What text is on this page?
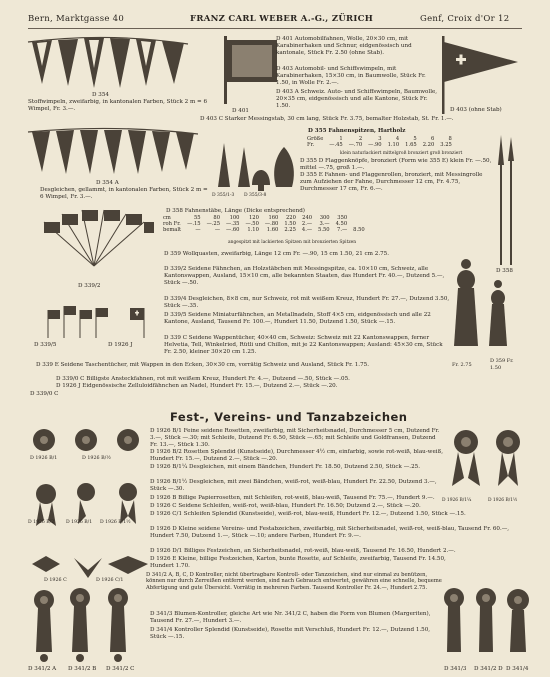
Bern, Marktgasse 40	FRANZ CARL WEBER A.-G., ZÜRICH	Genf, Croix d'Or 12
D 354
Stoffwimpeln, zweifarbig, in kantonalen Farben, Stück 2 m = 6 Wimpel, Fr. 3.—.	D 401
D 401 Automobilfahnen, Wolle, 20×30 cm, mit Karabinerhaken und Schnur, eidgenössisch und kantonale, Stück Fr. 2.50 (ohne Stab).
D 403 Automobil- und Schiffswimpeln, mit Karabinerhaken, 15×30 cm, in Baumwolle, Stück Fr. 1.50, in Wolle Fr. 2.—.
D 403 A Schweiz. Auto- und Schiffswimpeln, Baumwolle, 20×35 cm, eidgenössisch und alle Kantone, Stück Fr. 1.50.
D 403 (ohne Stab)
D 403 C Starker Messingstab, 30 cm lang, Stück Fr. 3.75, bemalter Holzstab, St. Fr. 1.—.
D 354 A
Desgleichen, gellammt, in kantonalen Farben, Stück 2 m = 6 Wimpel, Fr. 3.—.	D 355/1-3 D 355/3-8
D 355 Fahnenspitzen, Hartholz
Größe	1	2	3	4	5	6	8
Fr.	—.45	—.70	—.90	1.10	1.65	2.20	3.25
klein naturlackiert mittelgroß bronziert groß bronziert
D 355 D Flaggenknöpfe, bronziert (Form wie 355 E) klein Fr. —.50, mittel —.75, groß 1.—.
D 355 E Fahnen- und Flaggenrollen, bronziert, mit Messingrolle zum Aufziehen der Fahne, Durchmesser 12 cm, Fr. 4.75, Durchmesser 17 cm, Fr. 6.—.
D 358 Fahnenstäbe, Länge (Dicke entsprechend)
cm	55	80	100	120	160	220	240	300	350	
roh Fr.	—.15	—.25	—.35	—.50	—.80	1.50	2.—	3.—	4.50	
bemalt	—	—	—.60	1.10	1.60	2.25	4.—	5.50	7.—	8.50
angespitzt mit lackierten Spitzen mit bronzierten Spitzen
D 358
D 339/2
D 359 Wollquasten, zweifarbig, Länge 12 cm Fr. —.90, 15 cm 1.50, 21 cm 2.75.
D 339/2 Seidene Fähnchen, an Holzstäbchen mit Messingspitze, ca. 10×10 cm, Schweiz, alle Kantonswappen, Ausland, 15×10 cm, alle bekannten Staaten, das Hundert Fr. 40.—, Dutzend 5.—, Stück —.50.
D 339/4 Desgleichen, 8×8 cm, nur Schweiz, rot mit weißem Kreuz, Hundert Fr. 27.—, Dutzend 3.50, Stück —.35.
D 339/5 Seidene Miniaturfähnchen, an Metallnadeln, Stoff 4×5 cm, eidgenössisch und alle 22 Kantone, Ausland, Tausend Fr. 100.—, Hundert 11.50, Dutzend 1.50, Stück —.15.
D 339 C Seidene Wappentücher, 40×40 cm, Schweiz: Schweiz mit 22 Kantonswappen, ferner Helvetia, Tell, Winkelried, Rütli und Chillon, mit je 22 Kantonswappen; Ausland: 45×30 cm, Stück Fr. 2.50, kleiner 30×20 cm 1.25.
Fr. 2.75
D 359 Fr. 1.50
D 339/5	D 1926 J
D 339 E Seidene Taschentücher, mit Wappen in den Ecken, 30×30 cm, vorrätig Schweiz und Ausland, Stück Fr. 1.75.
D 339/0 C Billigste Ansteckfahnen, rot mit weißem Kreuz, Hundert Fr. 4.—, Dutzend —.50, Stück —.05.
D 1926 J Eidgenössische Zelluloidfähnchen an Nadel, Hundert Fr. 15.—, Dutzend 2.—, Stück —.20.
D 339/0 C
Fest-, Vereins- und Tanzabzeichen
D 1926 B/1	D 1926 B/½
D 1926 B/2	D 1926 B/1 D 1926 B/1½
D 1926 C	D 1926 C/1
D 1926 B/1 Feine seidene Rosetten, zweifarbig, mit Sicherheitsnadel, Durchmesser 5 cm, Dutzend Fr. 3.—, Stück —.30; mit Schleife, Dutzend Fr. 6.50, Stück —.65; mit Schleife und Goldfransen, Dutzend Fr. 13.—, Stück 1.30.
D 1926 B/2 Rosetten Splendid (Kunstseide), Durchmesser 4½ cm, einfarbig, sowie rot-weiß, blau-weiß, Hundert Fr. 15.—, Dutzend 2.—, Stück —.20.
D 1926 B/1¼ Desgleichen, mit einem Bändchen, Hundert Fr. 18.50, Dutzend 2.50, Stück —.25.
D 1926 B/1½ Desgleichen, mit zwei Bändchen, weiß-rot, weiß-blau, Hundert Fr. 22.50, Dutzend 3.—, Stück —.30.
D 1926 B Billige Papierrosetten, mit Schleifen, rot-weiß, blau-weiß, Tausend Fr. 75.—, Hundert 9.—.
D 1926 C Seidene Schleifen, weiß-rot, weiß-blau, Hundert Fr. 16.50; Dutzend 2.—, Stück —.20.
D 1926 C/1 Schleifen Splendid (Kunstseide), weiß-rot, blau-weiß, Hundert Fr. 12.—, Dutzend 1.50, Stück —.15.
D 1926 D Kleine seidene Vereins- und Festabzeichen, zweifarbig, mit Sicherheitsnadel, weiß-rot, weiß-blau, Tausend Fr. 60.—, Hundert 7.50, Dutzend 1.—, Stück —.10; andere Farben, Hundert Fr. 9.—.
D 1926 D/1 Billiges Festzeichen, an Sicherheitsnadel, rot-weiß, blau-weiß, Tausend Fr. 16.50, Hundert 2.—.
D 1926 E Kleine, billige Festzeichen, Karton, bunte Rosette, auf Schleife, zweifarbig, Tausend Fr. 14.50, Hundert 1.70.
D 1926 B/1¼	D 1926 B/1½
D 341/2 A D 341/2 B D 341/2 C
D 341/2 A, B, C, D Kontroller, nicht übertragbare Kontroll- oder Tanzzeichen, sind nur einmal zu benützen, können nur durch Zerreißen entfernt werden, sind nach Gebrauch entwertet, gewähren eine schnelle, bequeme Abfertigung und gute Übersicht. Vorrätig in mehreren Farben. Tausend Kontroller Fr. 24.—, Hundert 2.75.
D 341/3 Blumen-Kontroller, gleiche Art wie Nr. 341/2 C, haben die Form von Blumen (Margeriten), Tausend Fr. 27.—, Hundert 3.—.
D 341/4 Kontroller Splendid (Kunstseide), Rosette mit Verschluß, Hundert Fr. 12.—, Dutzend 1.50, Stück —.15.
D 341/3 D 341/2 D D 341/4
